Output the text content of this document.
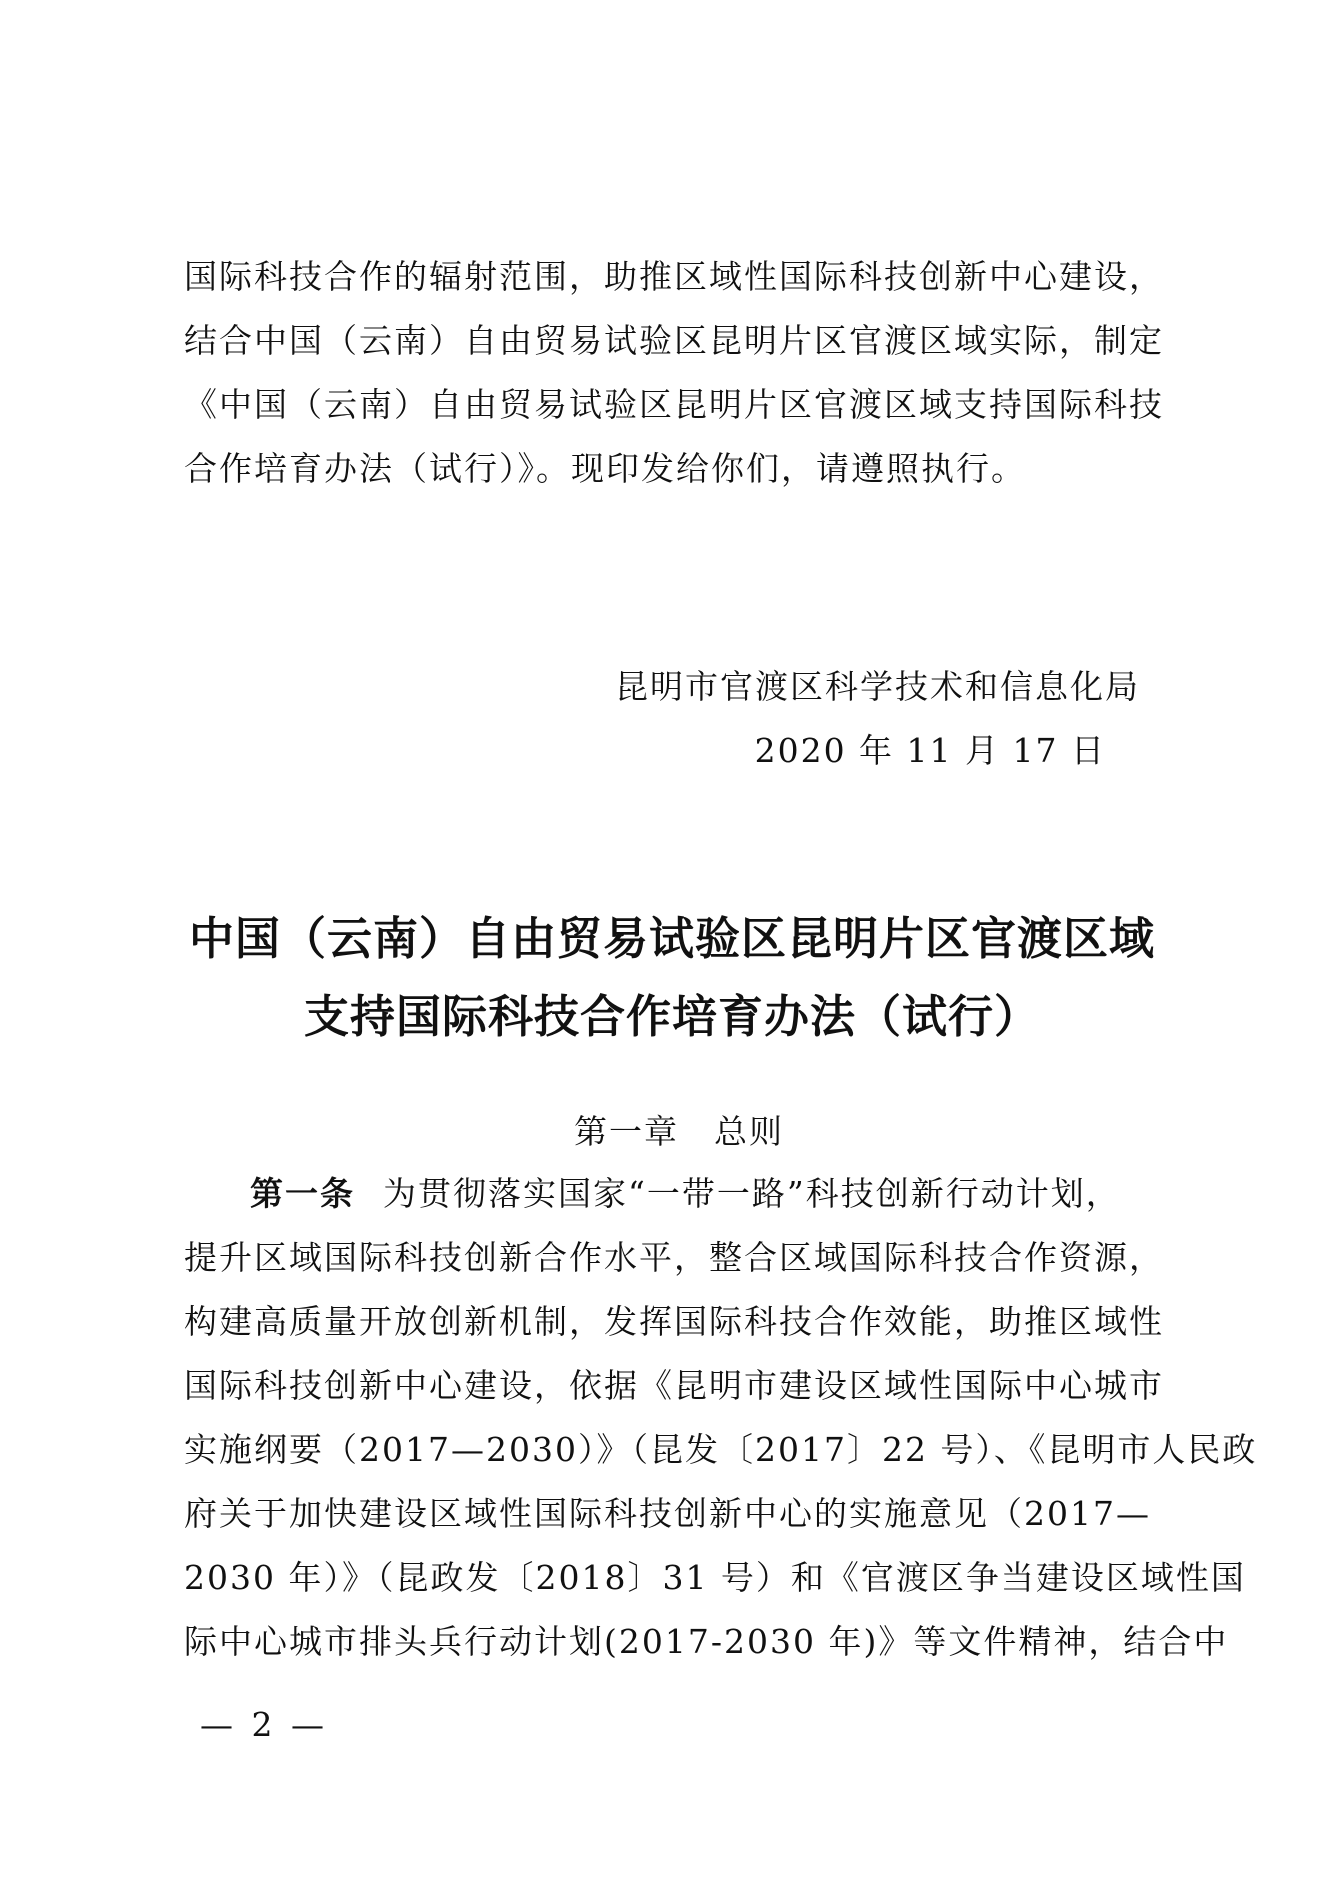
国际科技合作的辐射范围，助推区域性国际科技创新中心建设，
结合中国（云南）自由贸易试验区昆明片区官渡区域实际，制定
《中国（云南）自由贸易试验区昆明片区官渡区域支持国际科技
合作培育办法（试行）》。现印发给你们，请遵照执行。
昆明市官渡区科学技术和信息化局
2020 年 11 月 17 日
中国（云南）自由贸易试验区昆明片区官渡区域
支持国际科技合作培育办法（试行）
第一章　总则
第一条 为贯彻落实国家“一带一路”科技创新行动计划，
提升区域国际科技创新合作水平，整合区域国际科技合作资源，
构建高质量开放创新机制，发挥国际科技合作效能，助推区域性
国际科技创新中心建设，依据《昆明市建设区域性国际中心城市
实施纲要（2017—2030）》（昆发〔2017〕22 号）、《昆明市人民政
府关于加快建设区域性国际科技创新中心的实施意见（2017—
2030 年）》（昆政发〔2018〕31 号）和《官渡区争当建设区域性国
际中心城市排头兵行动计划(2017-2030 年)》等文件精神，结合中
— 2 —
